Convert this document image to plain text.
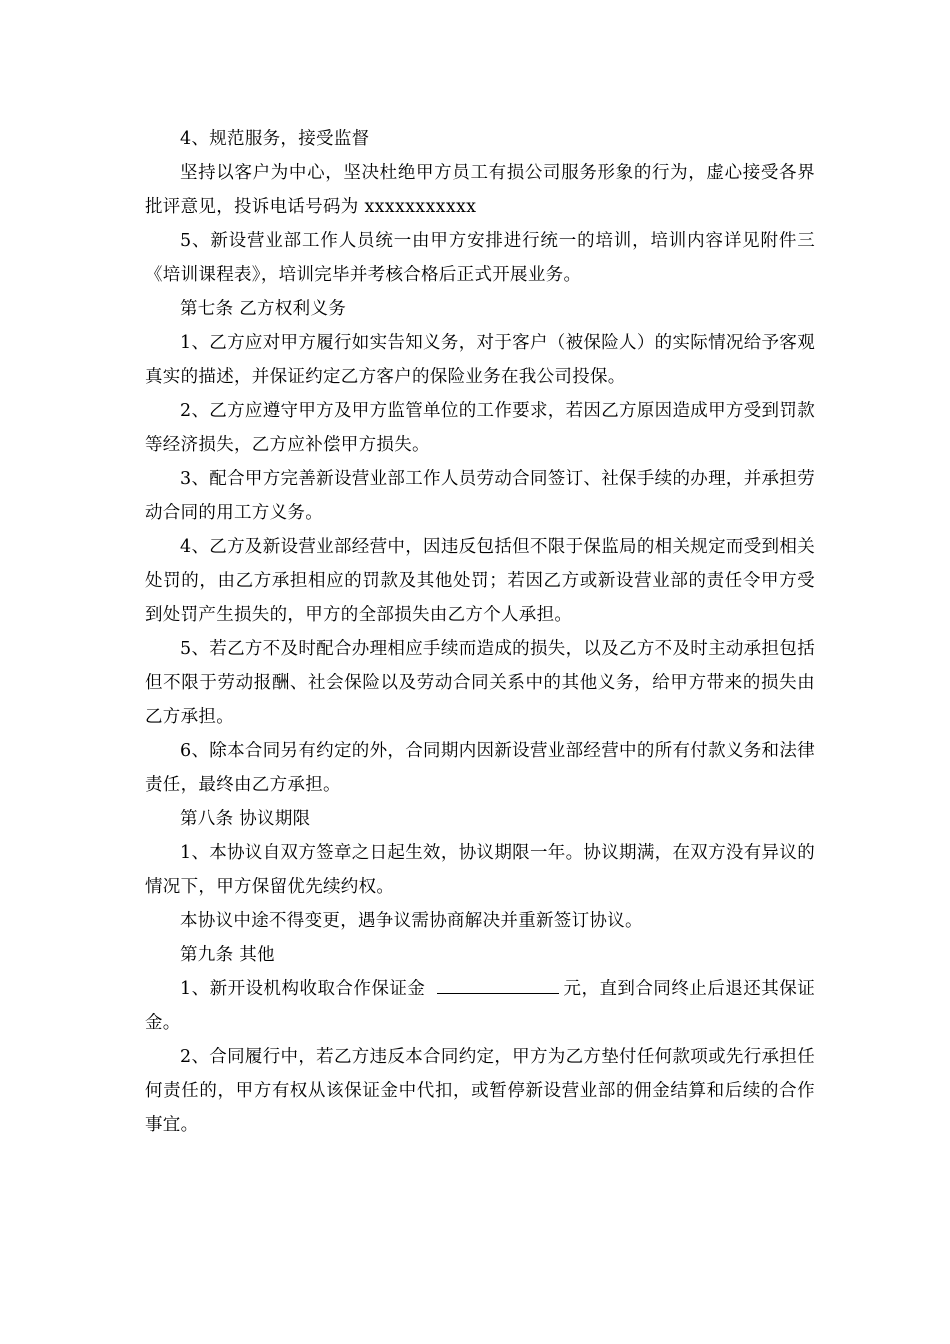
4、规范服务，接受监督

坚持以客户为中心，坚决杜绝甲方员工有损公司服务形象的行为，虚心接受各界批评意见，投诉电话号码为 xxxxxxxxxxx

5、新设营业部工作人员统一由甲方安排进行统一的培训，培训内容详见附件三《培训课程表》，培训完毕并考核合格后正式开展业务。

第七条 乙方权利义务

1、乙方应对甲方履行如实告知义务，对于客户（被保险人）的实际情况给予客观真实的描述，并保证约定乙方客户的保险业务在我公司投保。

2、乙方应遵守甲方及甲方监管单位的工作要求，若因乙方原因造成甲方受到罚款等经济损失，乙方应补偿甲方损失。

3、配合甲方完善新设营业部工作人员劳动合同签订、社保手续的办理，并承担劳动合同的用工方义务。

4、乙方及新设营业部经营中，因违反包括但不限于保监局的相关规定而受到相关处罚的，由乙方承担相应的罚款及其他处罚；若因乙方或新设营业部的责任令甲方受到处罚产生损失的，甲方的全部损失由乙方个人承担。

5、若乙方不及时配合办理相应手续而造成的损失，以及乙方不及时主动承担包括但不限于劳动报酬、社会保险以及劳动合同关系中的其他义务，给甲方带来的损失由乙方承担。

6、除本合同另有约定的外，合同期内因新设营业部经营中的所有付款义务和法律责任，最终由乙方承担。

第八条 协议期限

1、本协议自双方签章之日起生效，协议期限一年。协议期满，在双方没有异议的情况下，甲方保留优先续约权。

本协议中途不得变更，遇争议需协商解决并重新签订协议。

第九条 其他

1、新开设机构收取合作保证金	元，直到合同终止后退还其保证金。

2、合同履行中，若乙方违反本合同约定，甲方为乙方垫付任何款项或先行承担任何责任的，甲方有权从该保证金中代扣，或暂停新设营业部的佣金结算和后续的合作事宜。
